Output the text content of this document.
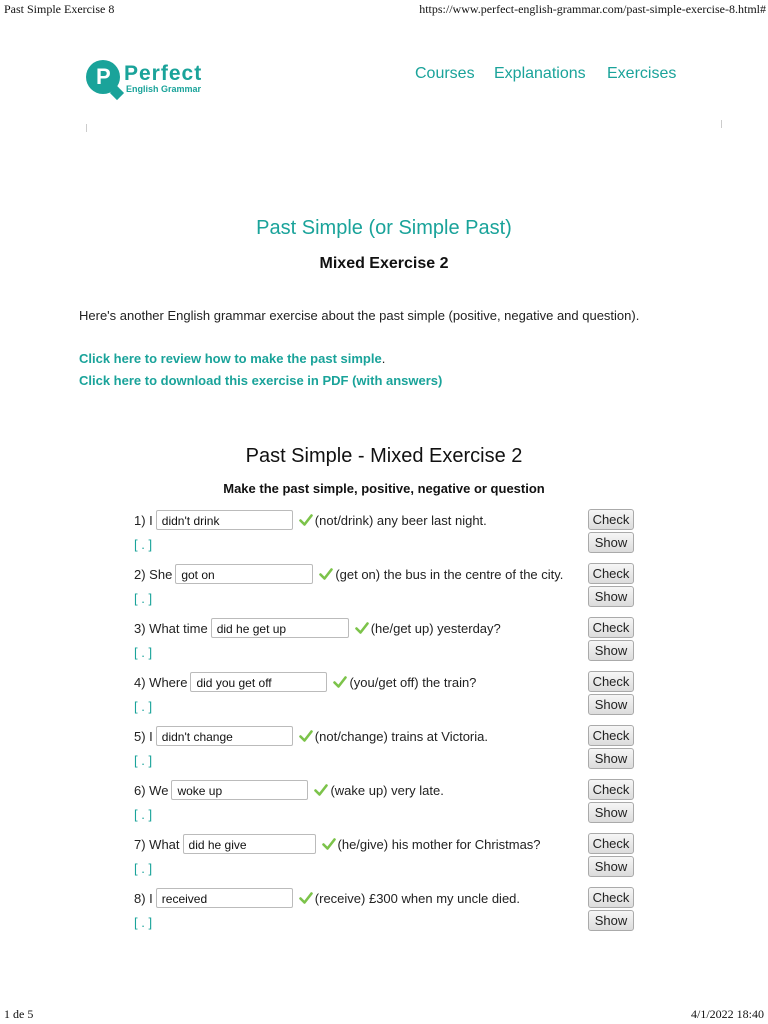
Past Simple Exercise 8	https://www.perfect-english-grammar.com/past-simple-exercise-8.html#
1 de 5	4/1/2022 18:40
P Perfect
English Grammar
Courses Explanations Exercises
Past Simple (or Simple Past)
Mixed Exercise 2
Here's another English grammar exercise about the past simple (positive, negative and question).
Click here to review how to make the past simple.
Click here to download this exercise in PDF (with answers)
Past Simple - Mixed Exercise 2
Make the past simple, positive, negative or question
1) I didn't drink	(not/drink) any beer last night.
[ . ]
Check
Show
2) She got on	(get on) the bus in the centre of the city.
[ . ]
Check
Show
3) What time did he get up	(he/get up) yesterday?
[ . ]
Check
Show
4) Where did you get off	(you/get off) the train?
[ . ]
Check
Show
5) I didn't change	(not/change) trains at Victoria.
[ . ]
Check
Show
6) We woke up	(wake up) very late.
[ . ]
Check
Show
7) What did he give	(he/give) his mother for Christmas?
[ . ]
Check
Show
8) I received	(receive) £300 when my uncle died.
[ . ]
Check
Show
